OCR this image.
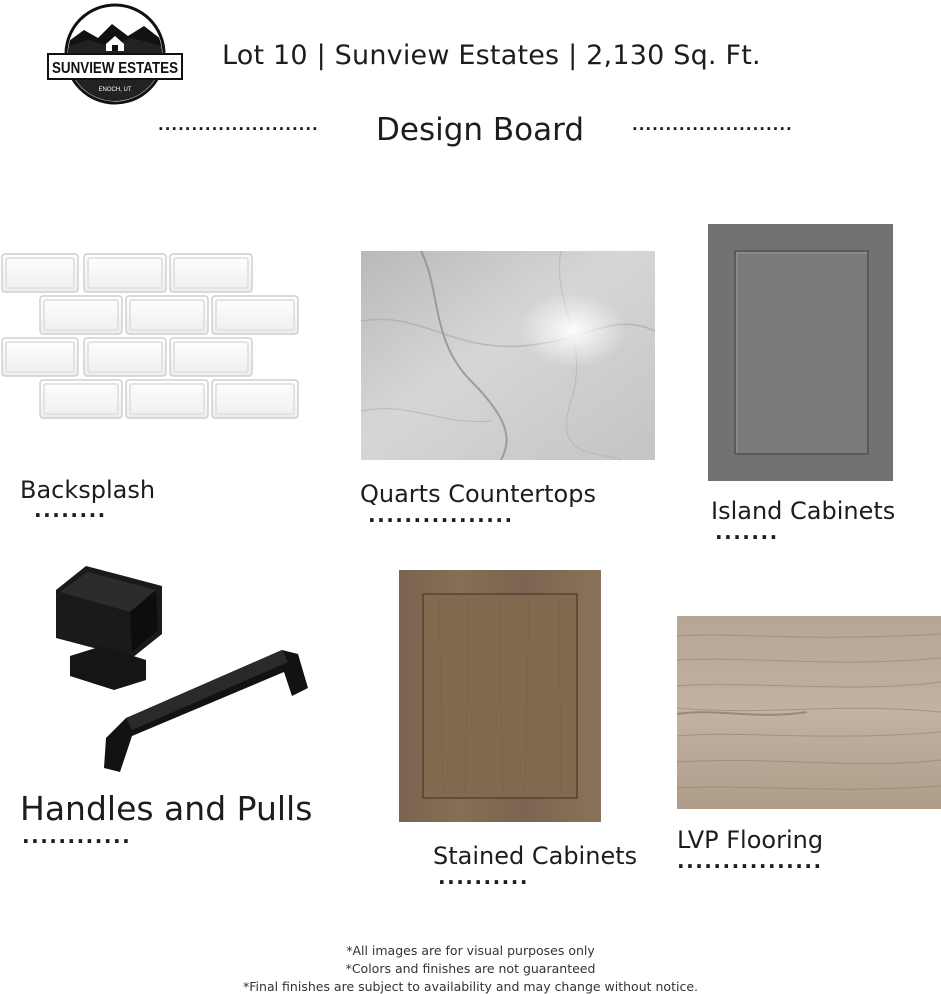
SUNVIEW ESTATES
ENOCH, UT
Lot 10 | Sunview Estates | 2,130 Sq. Ft.
........................ Design Board	........................
Backsplash
........
Quarts Countertops
................	Island Cabinets
.......
Handles and Pulls
............
Stained Cabinets
..........
LVP Flooring
................
*All images are for visual purposes only
*Colors and finishes are not guaranteed
*Final finishes are subject to availability and may change without notice.
